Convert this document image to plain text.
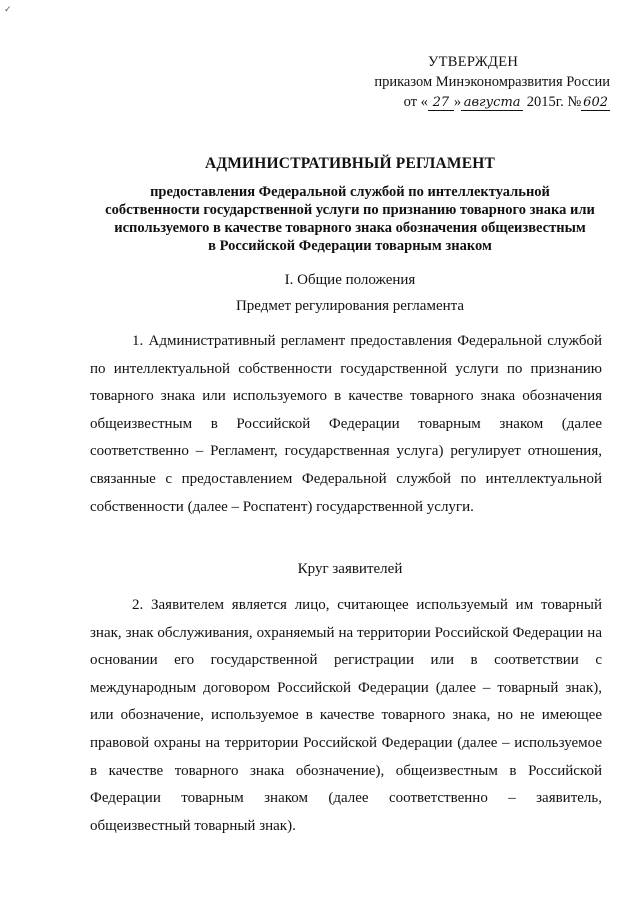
✓
УТВЕРЖДЕН
приказом Минэкономразвития России
от « 27 » августа 2015г. № 602
АДМИНИСТРАТИВНЫЙ РЕГЛАМЕНТ
предоставления Федеральной службой по интеллектуальной
собственности государственной услуги по признанию товарного знака или
используемого в качестве товарного знака обозначения общеизвестным
в Российской Федерации товарным знаком
I. Общие положения
Предмет регулирования регламента
1. Административный регламент предоставления Федеральной службой по интеллектуальной собственности государственной услуги по признанию товарного знака или используемого в качестве товарного знака обозначения общеизвестным в Российской Федерации товарным знаком (далее соответственно – Регламент, государственная услуга) регулирует отношения, связанные с предоставлением Федеральной службой по интеллектуальной собственности (далее – Роспатент) государственной услуги.
Круг заявителей
2. Заявителем является лицо, считающее используемый им товарный знак, знак обслуживания, охраняемый на территории Российской Федерации на основании его государственной регистрации или в соответствии с международным договором Российской Федерации (далее – товарный знак), или обозначение, используемое в качестве товарного знака, но не имеющее правовой охраны на территории Российской Федерации (далее – используемое в качестве товарного знака обозначение), общеизвестным в Российской Федерации товарным знаком (далее соответственно – заявитель, общеизвестный товарный знак).
